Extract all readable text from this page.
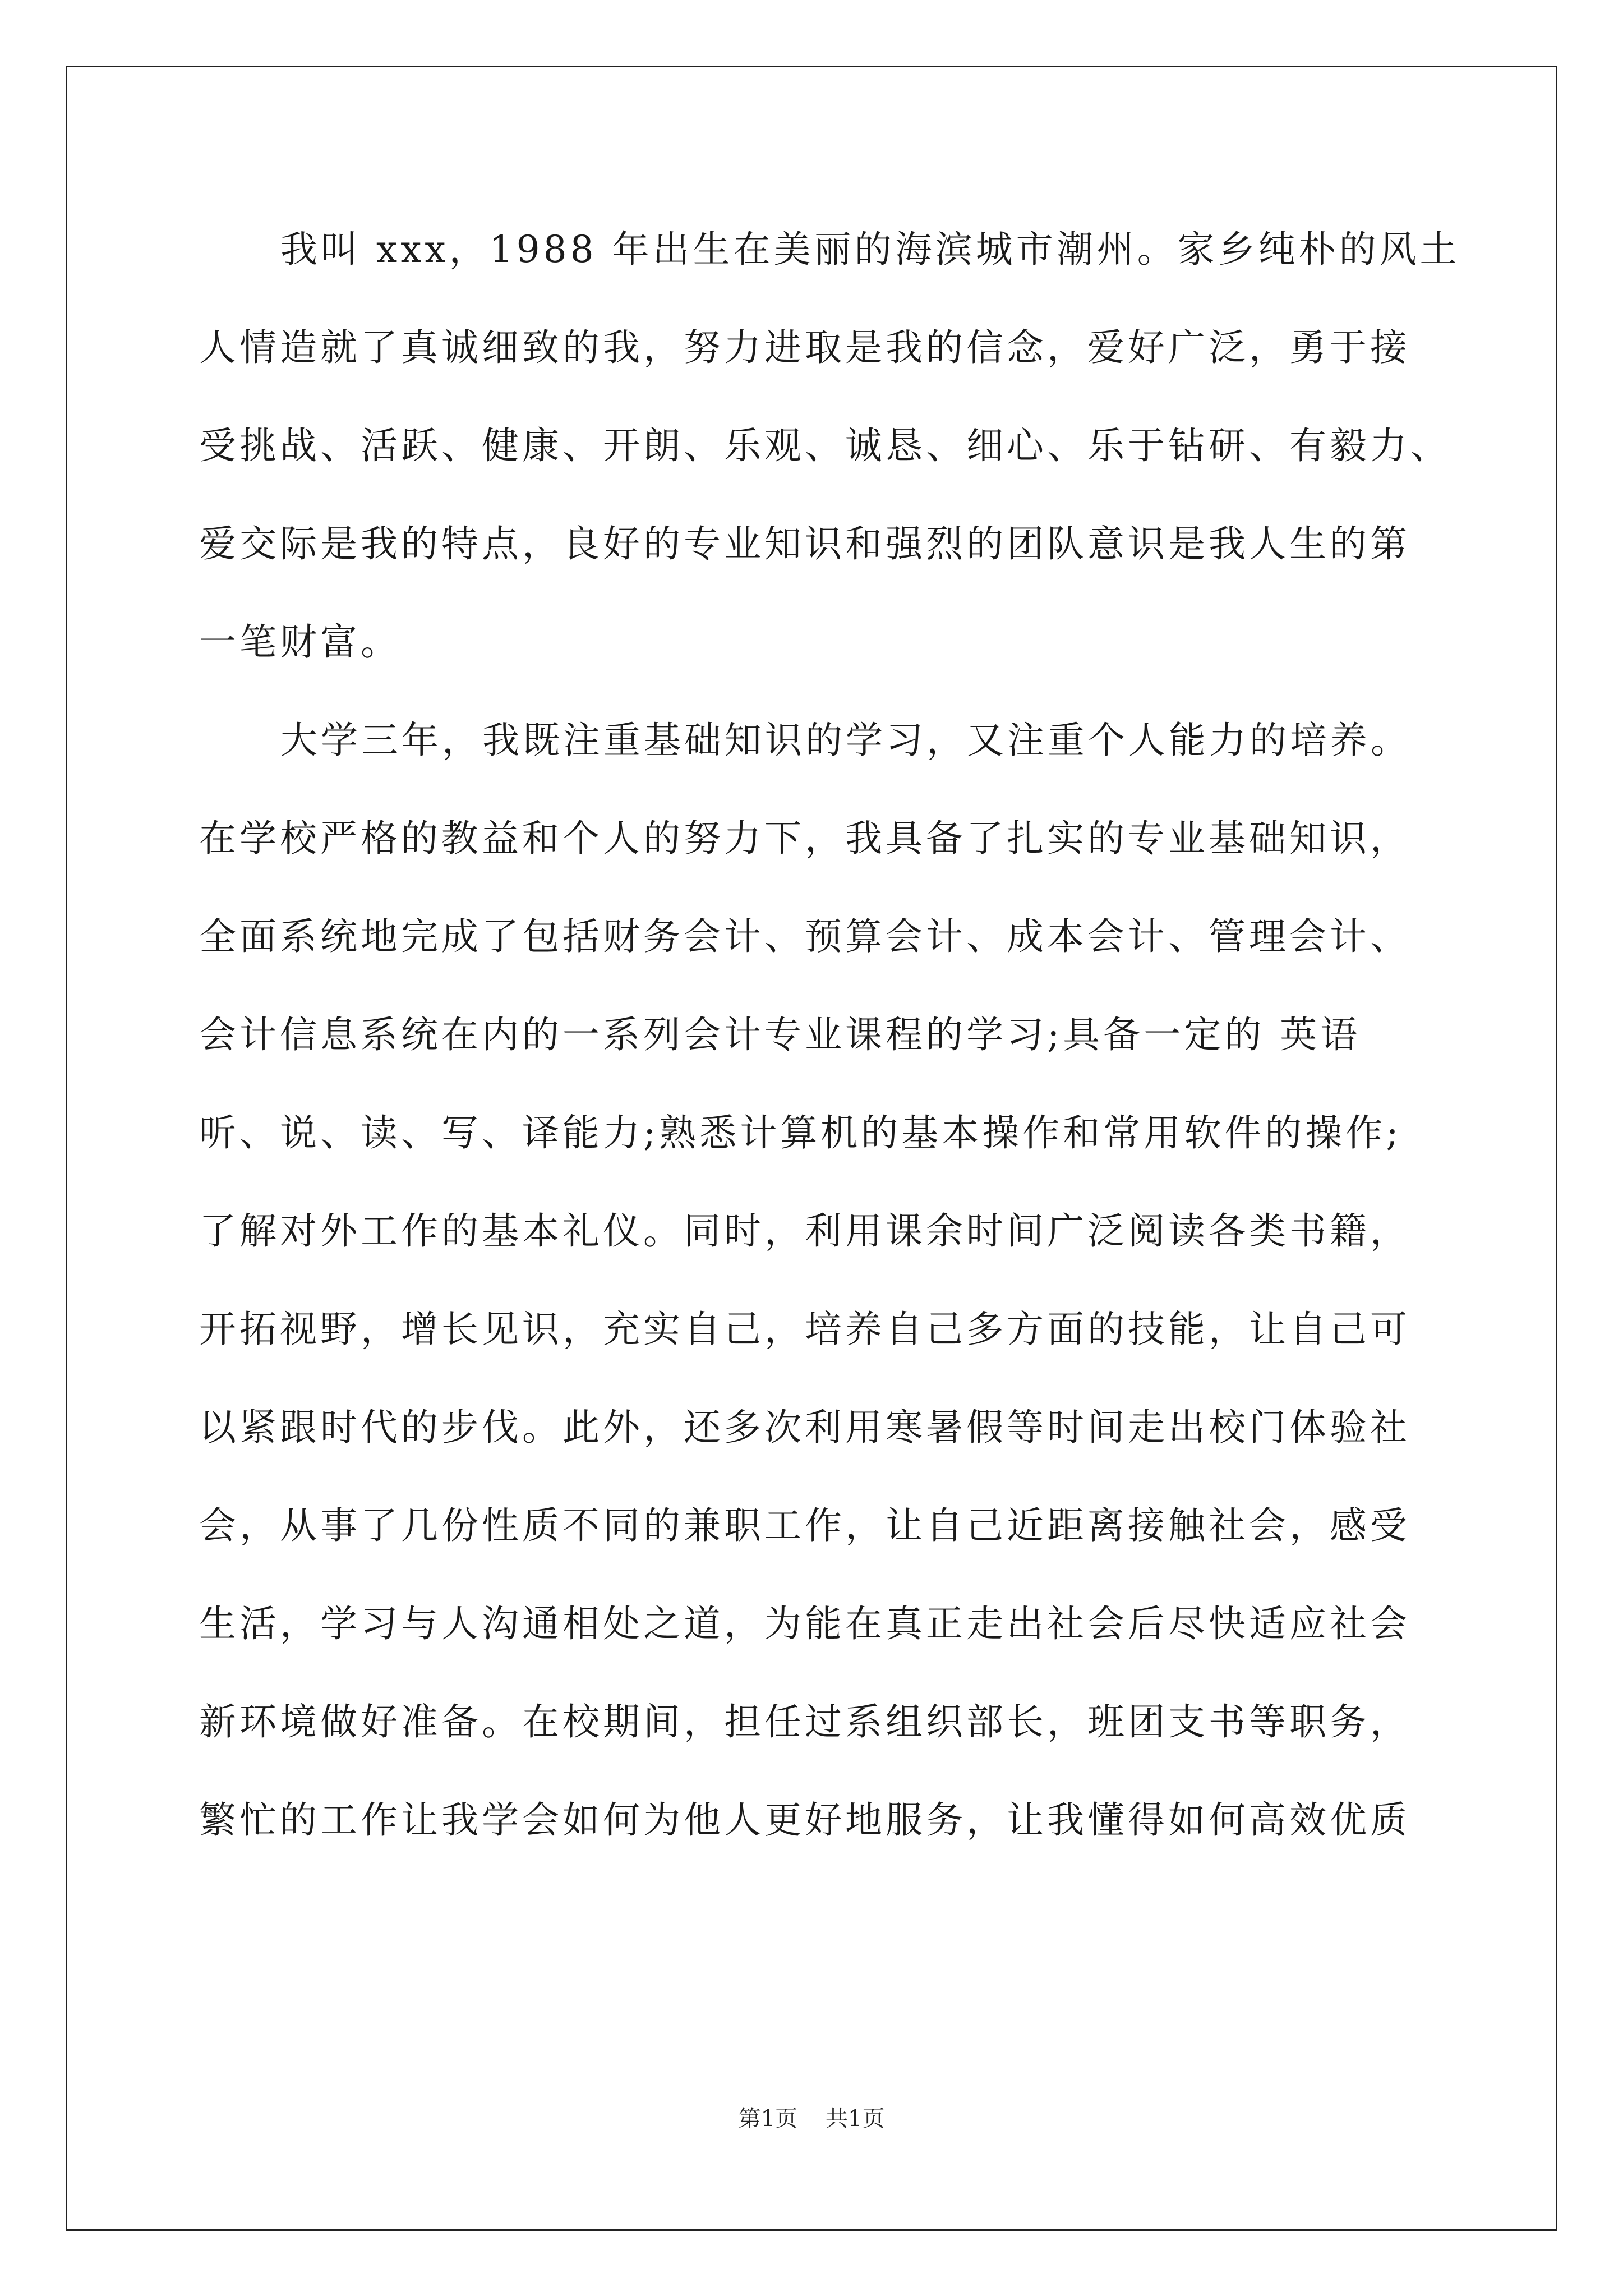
我叫 xxx，1988 年出生在美丽的海滨城市潮州。家乡纯朴的风土
人情造就了真诚细致的我，努力进取是我的信念，爱好广泛，勇于接
受挑战、活跃、健康、开朗、乐观、诚恳、细心、乐于钻研、有毅力、
爱交际是我的特点，良好的专业知识和强烈的团队意识是我人生的第
一笔财富。
大学三年，我既注重基础知识的学习，又注重个人能力的培养。
在学校严格的教益和个人的努力下，我具备了扎实的专业基础知识，
全面系统地完成了包括财务会计、预算会计、成本会计、管理会计、
会计信息系统在内的一系列会计专业课程的学习;具备一定的 英语
听、说、读、写、译能力;熟悉计算机的基本操作和常用软件的操作;
了解对外工作的基本礼仪。同时，利用课余时间广泛阅读各类书籍，
开拓视野，增长见识，充实自己，培养自己多方面的技能，让自己可
以紧跟时代的步伐。此外，还多次利用寒暑假等时间走出校门体验社
会，从事了几份性质不同的兼职工作，让自己近距离接触社会，感受
生活，学习与人沟通相处之道，为能在真正走出社会后尽快适应社会
新环境做好准备。在校期间，担任过系组织部长，班团支书等职务，
繁忙的工作让我学会如何为他人更好地服务，让我懂得如何高效优质
第1页 共1页
